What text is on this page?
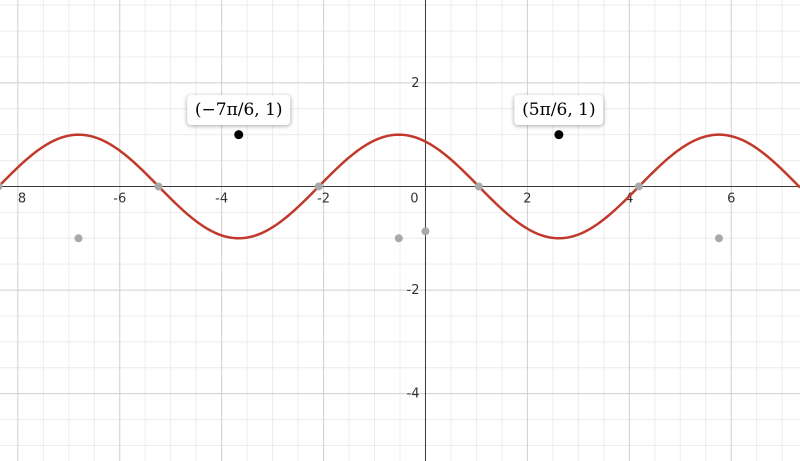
8	-6	-4	-2	0	2	4	6
2
-2
-4
(−7π/6, 1)	(5π/6, 1)
